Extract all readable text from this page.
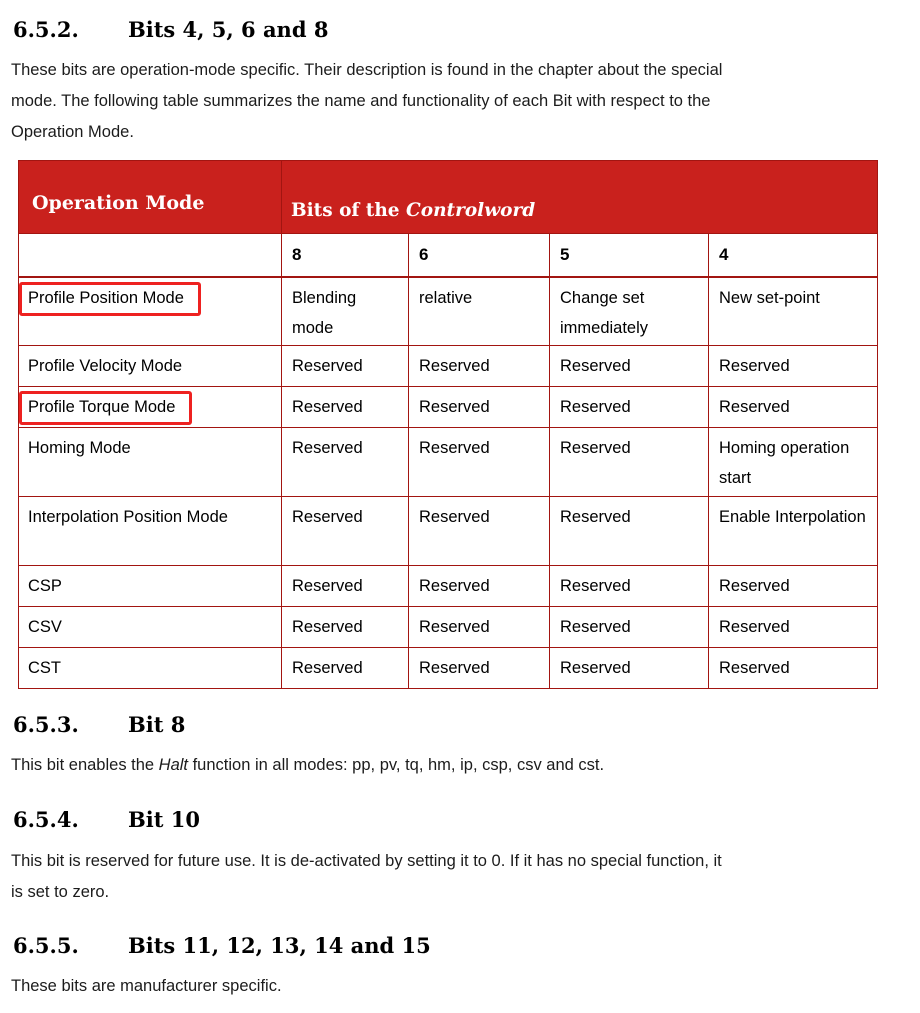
6.5.2.	Bits 4, 5, 6 and 8
These bits are operation-mode specific. Their description is found in the chapter about the special
mode. The following table summarizes the name and functionality of each Bit with respect to the
Operation Mode.
Operation Mode	Bits of the Controlword			
	8	6	5	4
Profile Position Mode	Blending mode	relative	Change set immediately	New set-point
Profile Velocity Mode	Reserved	Reserved	Reserved	Reserved
Profile Torque Mode	Reserved	Reserved	Reserved	Reserved
Homing Mode	Reserved	Reserved	Reserved	Homing operation start
Interpolation Position Mode	Reserved	Reserved	Reserved	Enable Interpolation
CSP	Reserved	Reserved	Reserved	Reserved
CSV	Reserved	Reserved	Reserved	Reserved
CST	Reserved	Reserved	Reserved	Reserved
6.5.3.	Bit 8
This bit enables the Halt function in all modes: pp, pv, tq, hm, ip, csp, csv and cst.
6.5.4.	Bit 10
This bit is reserved for future use. It is de-activated by setting it to 0. If it has no special function, it
is set to zero.
6.5.5.	Bits 11, 12, 13, 14 and 15
These bits are manufacturer specific.
